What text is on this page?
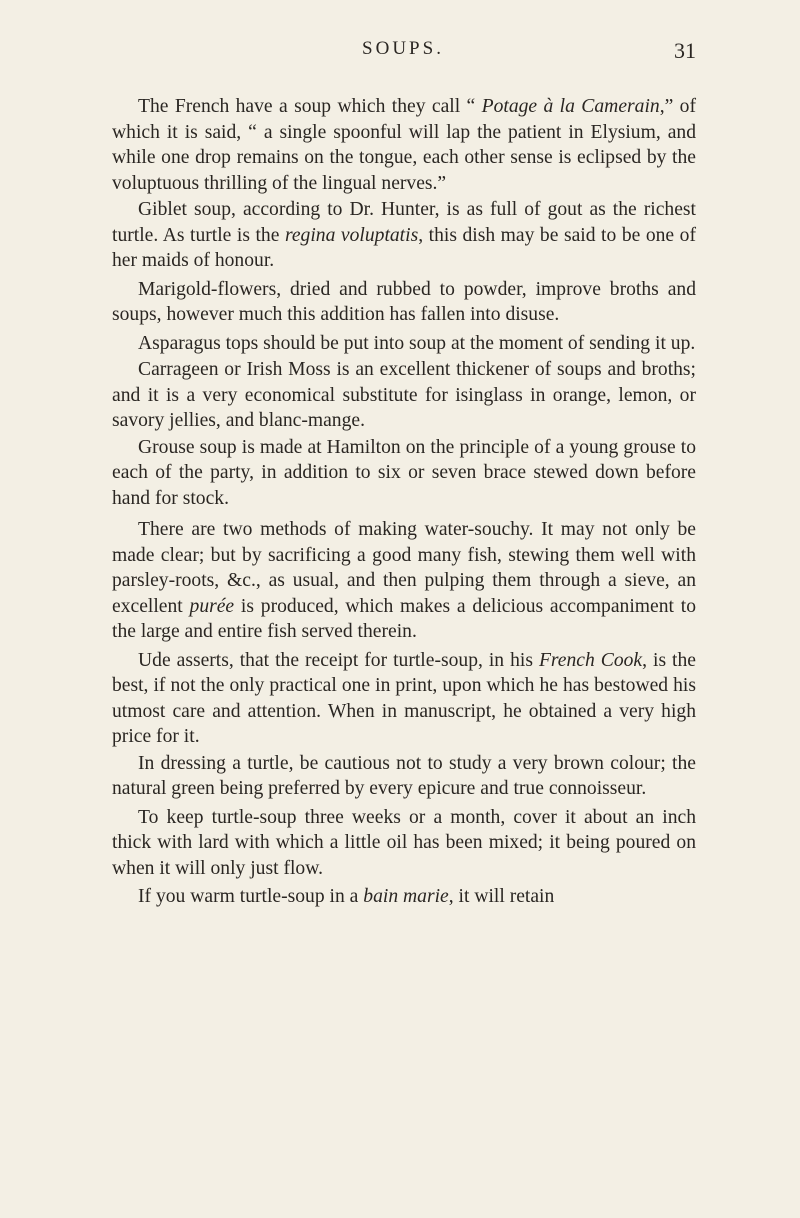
SOUPS.	31

The French have a soup which they call “ Potage à la Camerain,” of which it is said, “ a single spoonful will lap the patient in Elysium, and while one drop remains on the tongue, each other sense is eclipsed by the voluptuous thrilling of the lingual nerves.”

Giblet soup, according to Dr. Hunter, is as full of gout as the richest turtle. As turtle is the regina voluptatis, this dish may be said to be one of her maids of honour.

Marigold-flowers, dried and rubbed to powder, improve broths and soups, however much this addition has fallen into disuse.

Asparagus tops should be put into soup at the moment of sending it up.

Carrageen or Irish Moss is an excellent thickener of soups and broths; and it is a very economical substitute for isinglass in orange, lemon, or savory jellies, and blanc-mange.

Grouse soup is made at Hamilton on the principle of a young grouse to each of the party, in addition to six or seven brace stewed down before hand for stock.

There are two methods of making water-souchy. It may not only be made clear; but by sacrificing a good many fish, stewing them well with parsley-roots, &c., as usual, and then pulping them through a sieve, an excellent purée is produced, which makes a delicious accompaniment to the large and entire fish served therein.

Ude asserts, that the receipt for turtle-soup, in his French Cook, is the best, if not the only practical one in print, upon which he has bestowed his utmost care and attention. When in manuscript, he obtained a very high price for it.

In dressing a turtle, be cautious not to study a very brown colour; the natural green being preferred by every epicure and true connoisseur.

To keep turtle-soup three weeks or a month, cover it about an inch thick with lard with which a little oil has been mixed; it being poured on when it will only just flow.

If you warm turtle-soup in a bain marie, it will retain
